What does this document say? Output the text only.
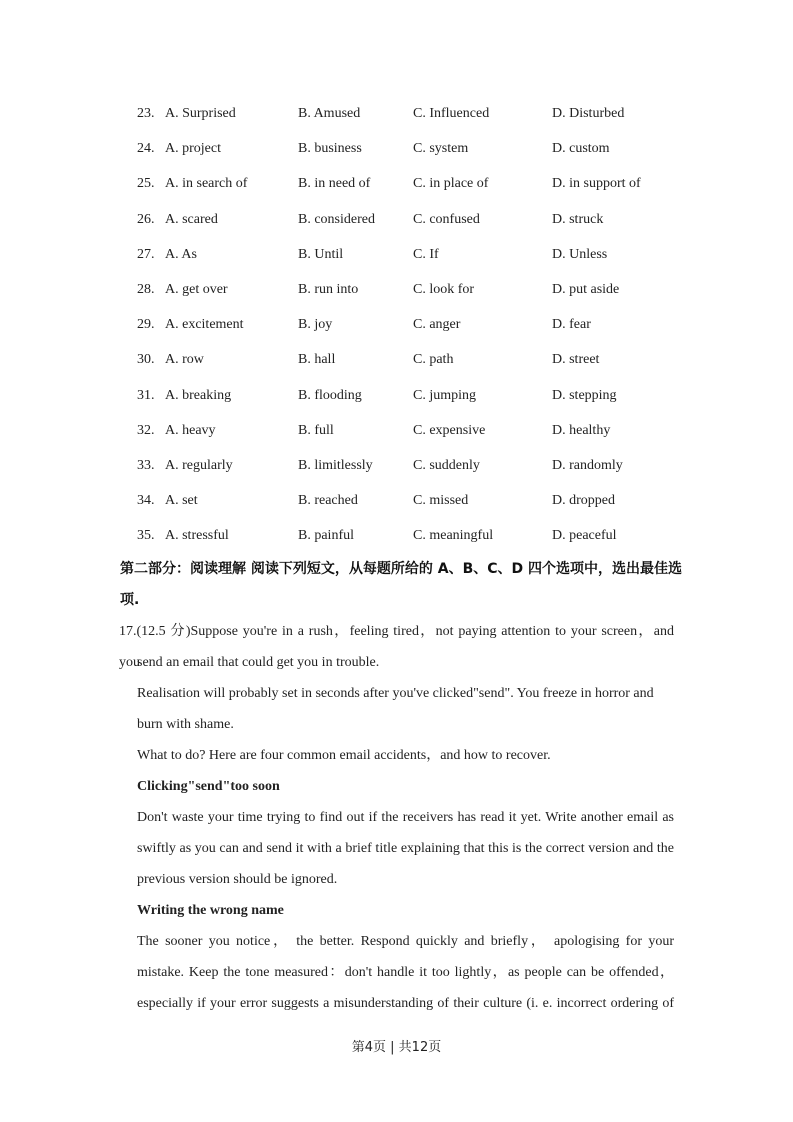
23. A. Surprised	B. Amused	C. Influenced	D. Disturbed
24. A. project	B. business	C. system	D. custom
25. A. in search of	B. in need of	C. in place of	D. in support of
26. A. scared	B. considered	C. confused	D. struck
27. A. As	B. Until	C. If	D. Unless
28. A. get over	B. run into	C. look for	D. put aside
29. A. excitement	B. joy	C. anger	D. fear
30. A. row	B. hall	C. path	D. street
31. A. breaking	B. flooding	C. jumping	D. stepping
32. A. heavy	B. full	C. expensive	D. healthy
33. A. regularly	B. limitlessly	C. suddenly	D. randomly
34. A. set	B. reached	C. missed	D. dropped
35. A. stressful	B. painful	C. meaningful	D. peaceful
第二部分：阅读理解 阅读下列短文，从每题所给的 A、B、C、D 四个选项中，选出最佳选
项.
17.(12.5 分)Suppose you're in a rush，feeling tired，not paying attention to your screen，and you
send an email that could get you in trouble.
Realisation will probably set in seconds after you've clicked"send". You freeze in horror and
burn with shame.
What to do? Here are four common email accidents，and how to recover.
Clicking"send"too soon
Don't waste your time trying to find out if the receivers has read it yet. Write another email as
swiftly as you can and send it with a brief title explaining that this is the correct version and the
previous version should be ignored.
Writing the wrong name
The sooner you notice， the better. Respond quickly and briefly， apologising for your
mistake. Keep the tone measured：don't handle it too lightly，as people can be offended，
especially if your error suggests a misunderstanding of their culture (i. e. incorrect ordering of
第4页 | 共12页
